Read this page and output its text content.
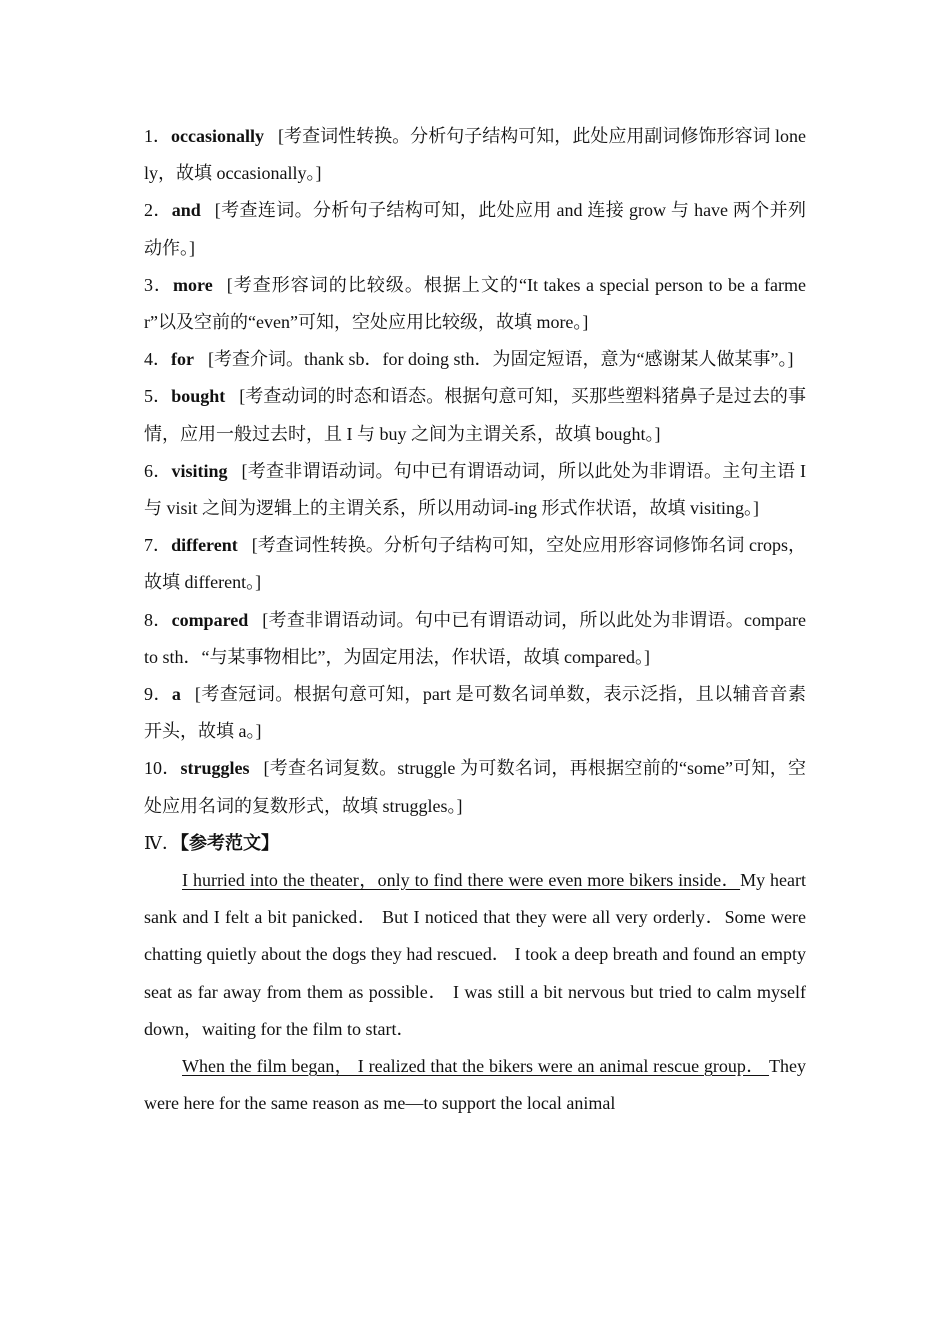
1．occasionally [考查词性转换。分析句子结构可知，此处应用副词修饰形容词 lonely，故填 occasionally。]

2．and [考查连词。分析句子结构可知，此处应用 and 连接 grow 与 have 两个并列动作。]

3．more [考查形容词的比较级。根据上文的“It takes a special person to be a farmer”以及空前的“even”可知，空处应用比较级，故填 more。]

4．for [考查介词。thank sb．for doing sth．为固定短语，意为“感谢某人做某事”。]

5．bought [考查动词的时态和语态。根据句意可知，买那些塑料猪鼻子是过去的事情，应用一般过去时，且 I 与 buy 之间为主谓关系，故填 bought。]

6．visiting [考查非谓语动词。句中已有谓语动词，所以此处为非谓语。主句主语 I 与 visit 之间为逻辑上的主谓关系，所以用动词-ing 形式作状语，故填 visiting。]

7．different [考查词性转换。分析句子结构可知，空处应用形容词修饰名词 crops，故填 different。]

8．compared [考查非谓语动词。句中已有谓语动词，所以此处为非谓语。compare to sth．“与某事物相比”，为固定用法，作状语，故填 compared。]

9．a [考查冠词。根据句意可知，part 是可数名词单数，表示泛指，且以辅音音素开头，故填 a。]

10．struggles [考查名词复数。struggle 为可数名词，再根据空前的“some”可知，空处应用名词的复数形式，故填 struggles。]

Ⅳ．【参考范文】

I hurried into the theater，only to find there were even more bikers inside．My heart sank and I felt a bit panicked． But I noticed that they were all very orderly．Some were chatting quietly about the dogs they had rescued． I took a deep breath and found an empty seat as far away from them as possible． I was still a bit nervous but tried to calm myself down，waiting for the film to start．

When the film began， I realized that the bikers were an animal rescue group． They were here for the same reason as me—to support the local animal
